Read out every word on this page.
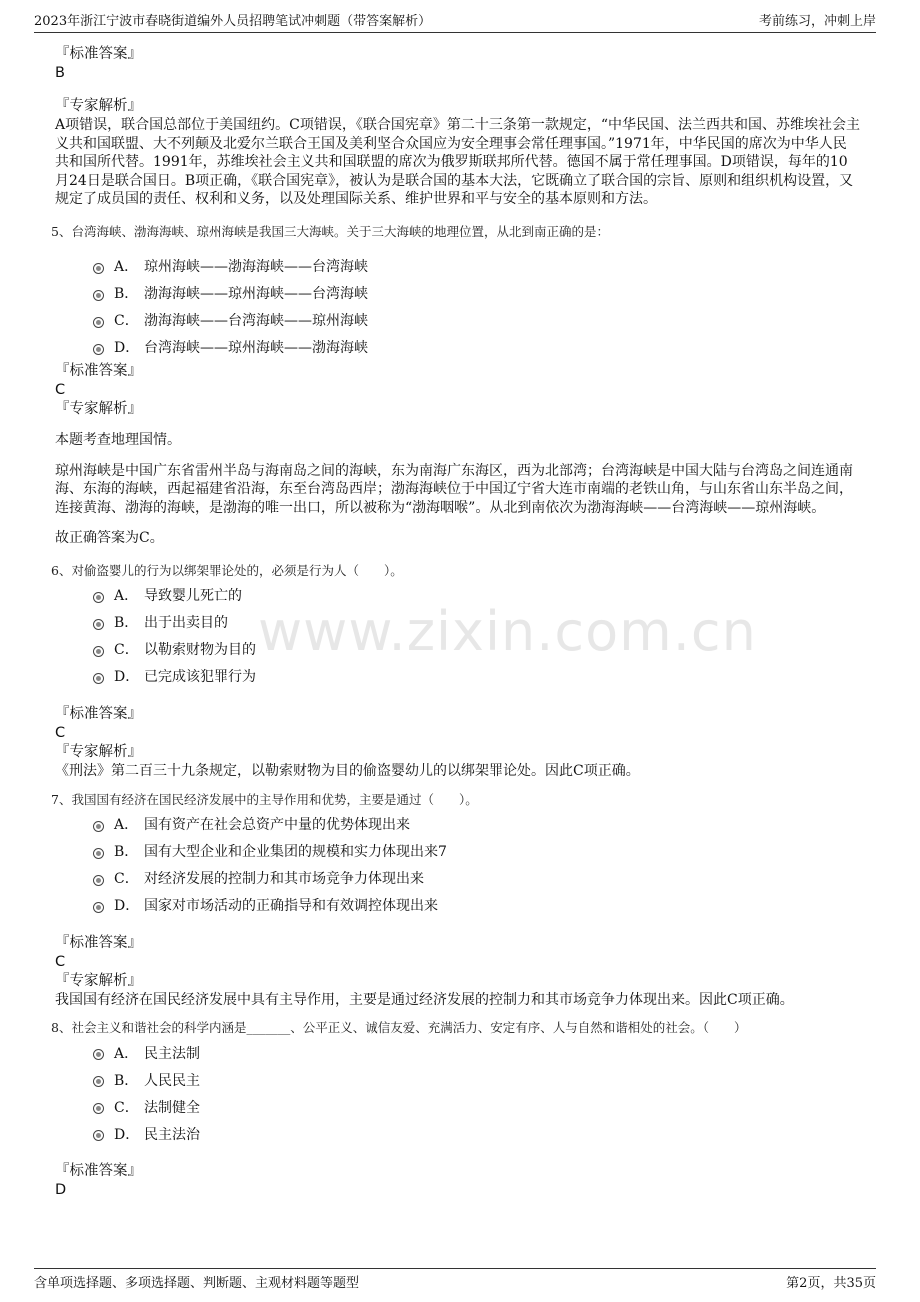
2023年浙江宁波市春晓街道编外人员招聘笔试冲刺题（带答案解析）	考前练习，冲刺上岸
www.zixin.com.cn
『标准答案』
B
『专家解析』

A项错误，联合国总部位于美国纽约。C项错误，《联合国宪章》第二十三条第一款规定，“中华民国、法兰西共和国、苏维埃社会主义共和国联盟、大不列颠及北爱尔兰联合王国及美利坚合众国应为安全理事会常任理事国。”1971年，中华民国的席次为中华人民共和国所代替。1991年，苏维埃社会主义共和国联盟的席次为俄罗斯联邦所代替。德国不属于常任理事国。D项错误，每年的10月24日是联合国日。B项正确，《联合国宪章》，被认为是联合国的基本大法，它既确立了联合国的宗旨、原则和组织机构设置，又规定了成员国的责任、权利和义务，以及处理国际关系、维护世界和平与安全的基本原则和方法。

5、台湾海峡、渤海海峡、琼州海峡是我国三大海峡。关于三大海峡的地理位置，从北到南正确的是：
A． 琼州海峡——渤海海峡——台湾海峡
B． 渤海海峡——琼州海峡——台湾海峡
C． 渤海海峡——台湾海峡——琼州海峡
D． 台湾海峡——琼州海峡——渤海海峡
『标准答案』
C
『专家解析』

本题考查地理国情。

琼州海峡是中国广东省雷州半岛与海南岛之间的海峡，东为南海广东海区，西为北部湾；台湾海峡是中国大陆与台湾岛之间连通南海、东海的海峡，西起福建省沿海，东至台湾岛西岸；渤海海峡位于中国辽宁省大连市南端的老铁山角，与山东省山东半岛之间，连接黄海、渤海的海峡，是渤海的唯一出口，所以被称为“渤海咽喉”。从北到南依次为渤海海峡——台湾海峡——琼州海峡。

故正确答案为C。

6、对偷盗婴儿的行为以绑架罪论处的，必须是行为人（　　）。
A． 导致婴儿死亡的
B． 出于出卖目的
C． 以勒索财物为目的
D． 已完成该犯罪行为
『标准答案』
C
『专家解析』

《刑法》第二百三十九条规定，以勒索财物为目的偷盗婴幼儿的以绑架罪论处。因此C项正确。

7、我国国有经济在国民经济发展中的主导作用和优势，主要是通过（　　）。
A． 国有资产在社会总资产中量的优势体现出来
B． 国有大型企业和企业集团的规模和实力体现出来7
C． 对经济发展的控制力和其市场竞争力体现出来
D． 国家对市场活动的正确指导和有效调控体现出来
『标准答案』
C
『专家解析』

我国国有经济在国民经济发展中具有主导作用，主要是通过经济发展的控制力和其市场竞争力体现出来。因此C项正确。

8、社会主义和谐社会的科学内涵是_______、公平正义、诚信友爱、充满活力、安定有序、人与自然和谐相处的社会。（　　）
A． 民主法制
B． 人民民主
C． 法制健全
D． 民主法治
『标准答案』
D
含单项选择题、多项选择题、判断题、主观材料题等题型	第2页，共35页
